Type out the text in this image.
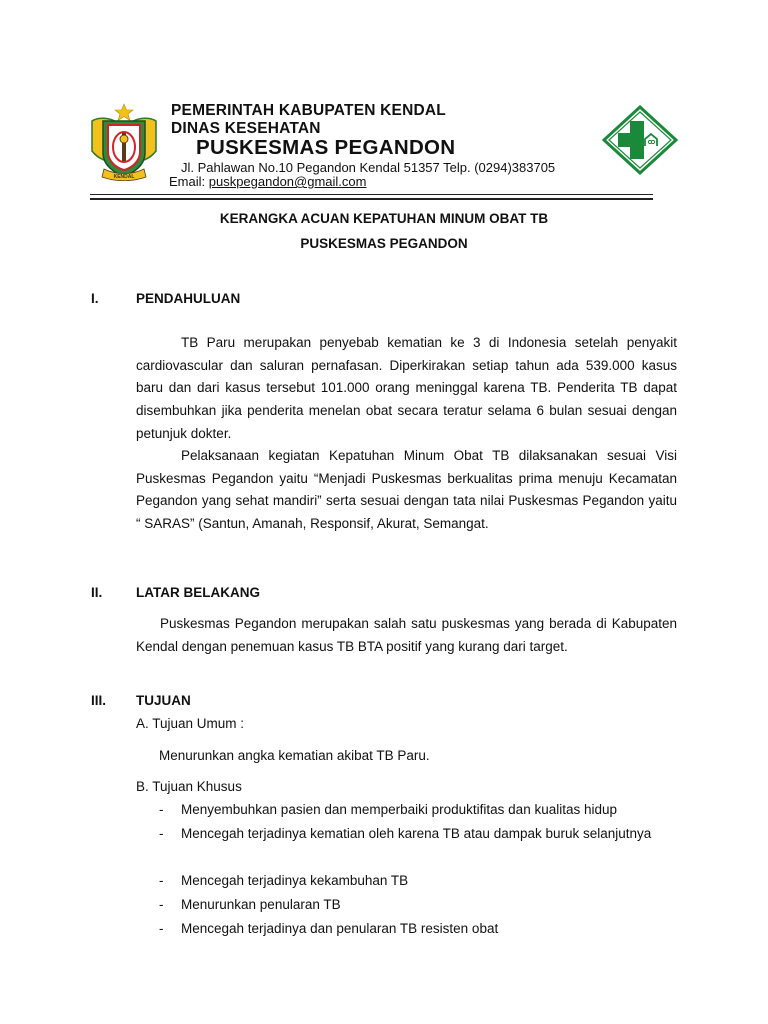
KENDAL
PEMERINTAH KABUPATEN KENDAL
DINAS KESEHATAN
PUSKESMAS PEGANDON
Jl. Pahlawan No.10 Pegandon Kendal 51357 Telp. (0294)383705
Email: puskpegandon@gmail.com
KERANGKA ACUAN KEPATUHAN MINUM OBAT TB
PUSKESMAS PEGANDON
I.	PENDAHULUAN

TB Paru merupakan penyebab kematian ke 3 di Indonesia setelah penyakit cardiovascular dan saluran pernafasan. Diperkirakan setiap tahun ada 539.000 kasus baru dan dari kasus tersebut 101.000 orang meninggal karena TB. Penderita TB dapat disembuhkan jika penderita menelan obat secara teratur selama 6 bulan sesuai dengan petunjuk dokter.

Pelaksanaan kegiatan Kepatuhan Minum Obat TB dilaksanakan sesuai Visi Puskesmas Pegandon yaitu “Menjadi Puskesmas berkualitas prima menuju Kecamatan Pegandon yang sehat mandiri” serta sesuai dengan tata nilai Puskesmas Pegandon yaitu “ SARAS” (Santun, Amanah, Responsif, Akurat, Semangat.

II. LATAR BELAKANG

Puskesmas Pegandon merupakan salah satu puskesmas yang berada di Kabupaten Kendal dengan penemuan kasus TB BTA positif yang kurang dari target.

III. TUJUAN
A. Tujuan Umum :
Menurunkan angka kematian akibat TB Paru.
B. Tujuan Khusus
- Menyembuhkan pasien dan memperbaiki produktifitas dan kualitas hidup

- Mencegah terjadinya kematian oleh karena TB atau dampak buruk selanjutnya

- Mencegah terjadinya kekambuhan TB

- Menurunkan penularan TB

- Mencegah terjadinya dan penularan TB resisten obat
